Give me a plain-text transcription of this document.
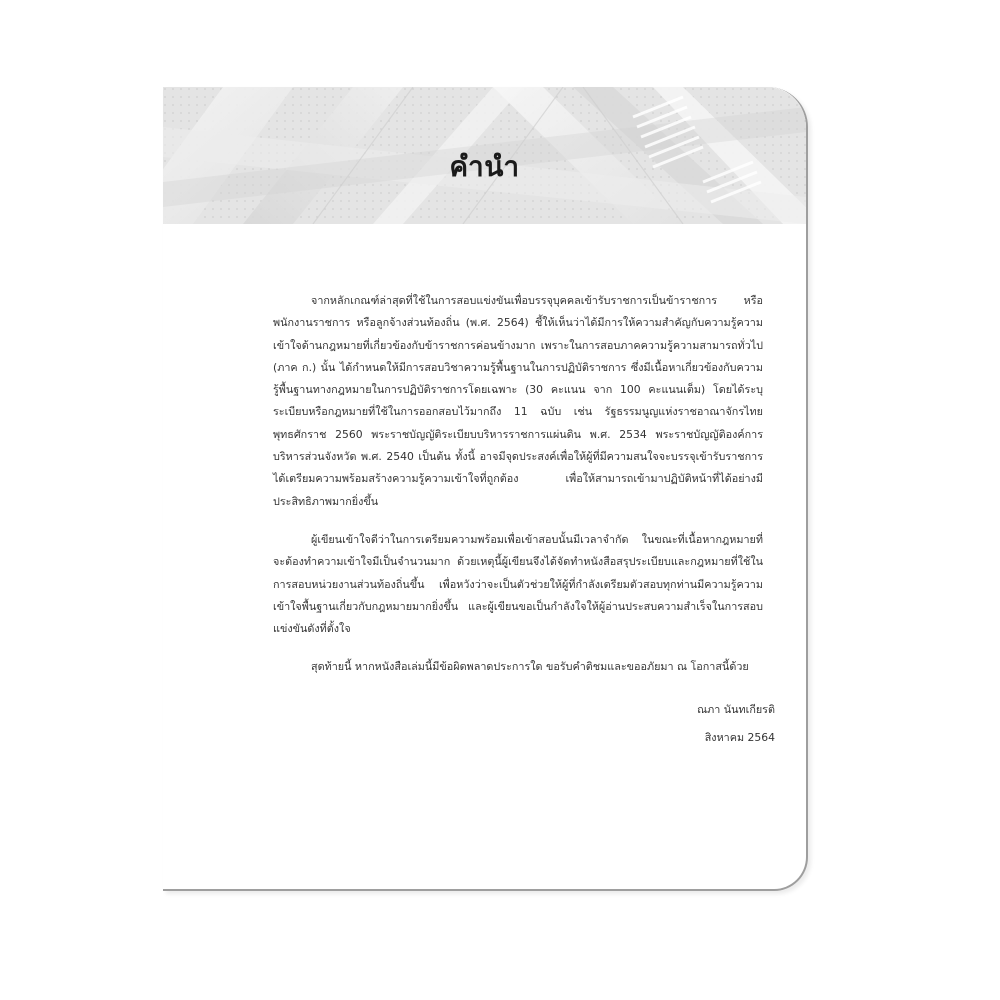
คำนำ

จากหลักเกณฑ์ล่าสุดที่ใช้ในการสอบแข่งขันเพื่อบรรจุบุคคลเข้ารับราชการเป็นข้าราชการ หรือพนักงานราชการ หรือลูกจ้างส่วนท้องถิ่น (พ.ศ. 2564) ชี้ให้เห็นว่าได้มีการให้ความสำคัญกับความรู้ความเข้าใจด้านกฎหมายที่เกี่ยวข้องกับข้าราชการค่อนข้างมาก เพราะในการสอบภาคความรู้ความสามารถทั่วไป (ภาค ก.) นั้น ได้กำหนดให้มีการสอบวิชาความรู้พื้นฐานในการปฏิบัติราชการ ซึ่งมีเนื้อหาเกี่ยวข้องกับความรู้พื้นฐานทางกฎหมายในการปฏิบัติราชการโดยเฉพาะ (30 คะแนน จาก 100 คะแนนเต็ม) โดยได้ระบุระเบียบหรือกฎหมายที่ใช้ในการออกสอบไว้มากถึง 11 ฉบับ เช่น รัฐธรรมนูญแห่งราชอาณาจักรไทย พุทธศักราช 2560 พระราชบัญญัติระเบียบบริหารราชการแผ่นดิน พ.ศ. 2534 พระราชบัญญัติองค์การบริหารส่วนจังหวัด พ.ศ. 2540 เป็นต้น ทั้งนี้ อาจมีจุดประสงค์เพื่อให้ผู้ที่มีความสนใจจะบรรจุเข้ารับราชการได้เตรียมความพร้อมสร้างความรู้ความเข้าใจที่ถูกต้อง เพื่อให้สามารถเข้ามาปฏิบัติหน้าที่ได้อย่างมีประสิทธิภาพมากยิ่งขึ้น

ผู้เขียนเข้าใจดีว่าในการเตรียมความพร้อมเพื่อเข้าสอบนั้นมีเวลาจำกัด ในขณะที่เนื้อหากฎหมายที่จะต้องทำความเข้าใจมีเป็นจำนวนมาก ด้วยเหตุนี้ผู้เขียนจึงได้จัดทำหนังสือสรุประเบียบและกฎหมายที่ใช้ในการสอบหน่วยงานส่วนท้องถิ่นขึ้น เพื่อหวังว่าจะเป็นตัวช่วยให้ผู้ที่กำลังเตรียมตัวสอบทุกท่านมีความรู้ความเข้าใจพื้นฐานเกี่ยวกับกฎหมายมากยิ่งขึ้น และผู้เขียนขอเป็นกำลังใจให้ผู้อ่านประสบความสำเร็จในการสอบแข่งขันดังที่ตั้งใจ

สุดท้ายนี้ หากหนังสือเล่มนี้มีข้อผิดพลาดประการใด ขอรับคำติชมและขออภัยมา ณ โอกาสนี้ด้วย

ณภา นันทเกียรติ
สิงหาคม 2564
